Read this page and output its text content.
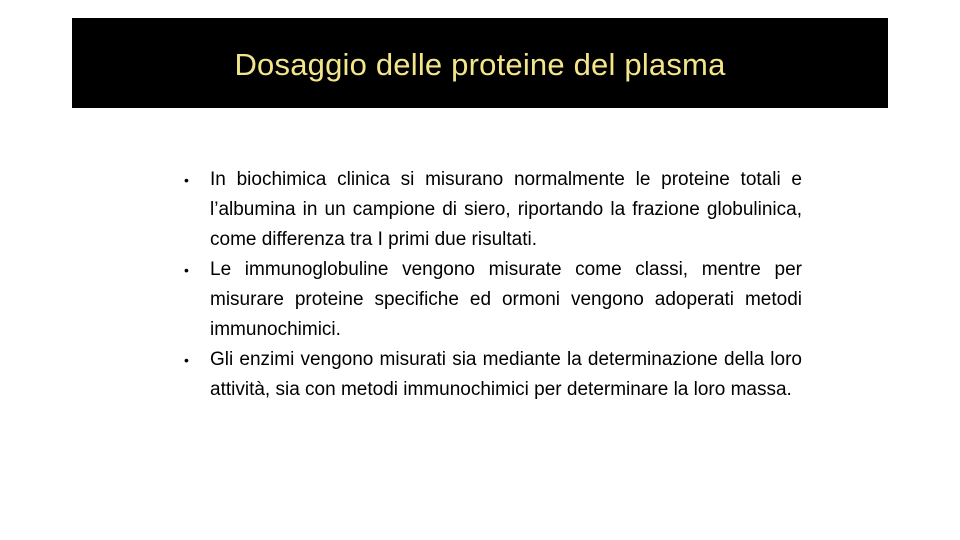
Dosaggio delle proteine del plasma
• In biochimica clinica si misurano normalmente le proteine totali e l’albumina in un campione di siero, riportando la frazione globulinica, come differenza tra I primi due risultati.
• Le immunoglobuline vengono misurate come classi, mentre per misurare proteine specifiche ed ormoni vengono adoperati metodi immunochimici.
• Gli enzimi vengono misurati sia mediante la determinazione della loro attività, sia con metodi immunochimici per determinare la loro massa.
